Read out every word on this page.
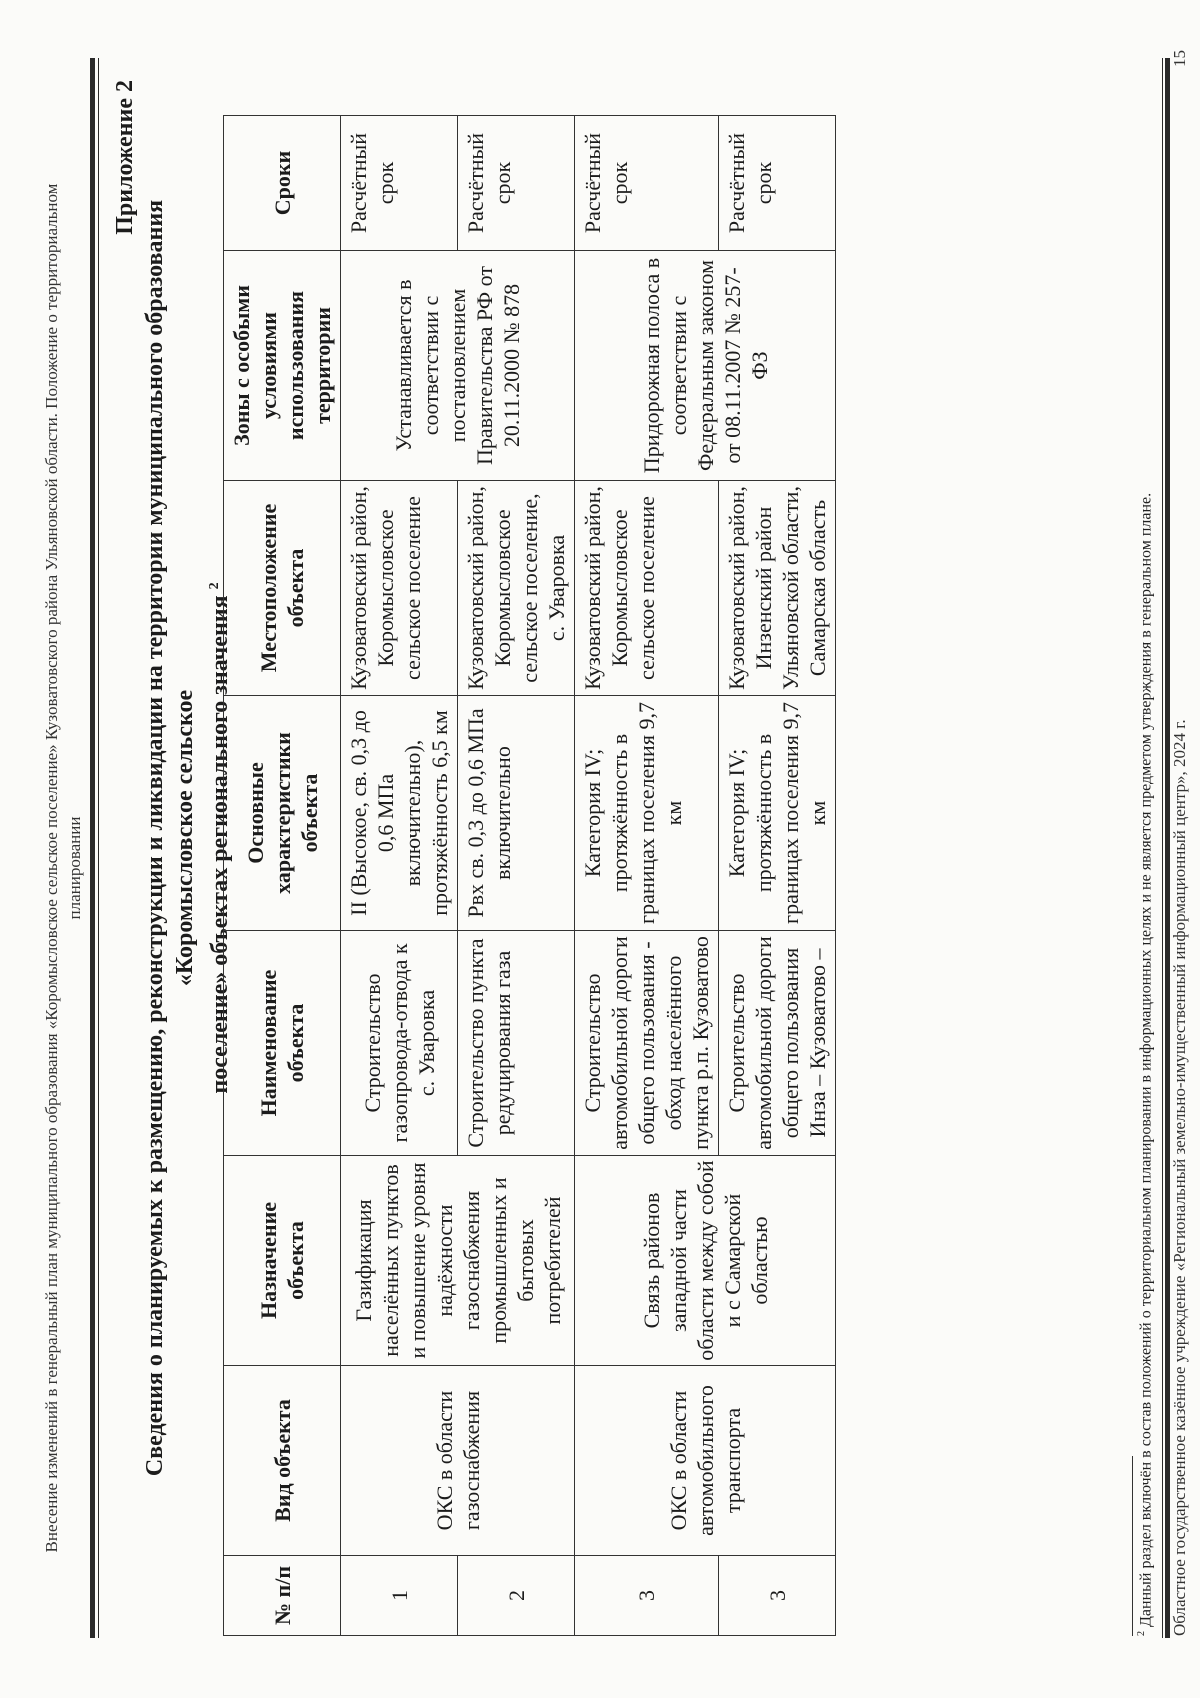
Внесение изменений в генеральный план муниципального образования «Коромысловское сельское поселение» Кузоватовского района Ульяновской области. Положение о территориальном планировании
Приложение 2
Сведения о планируемых к размещению, реконструкции и ликвидации на территории муниципального образования «Коромысловское сельское поселение» объектах регионального значения $^2$
№ п/п	Вид объекта	Назначение объекта	Наименование объекта	Основные характеристики объекта	Местоположение объекта	Зоны с особыми условиями использования территории	Сроки
1	ОКС в области газоснабжения	Газификация населённых пунктов и повышение уровня надёжности газоснабжения промышленных и бытовых потребителей	Строительство газопровода-отвода к с. Уваровка	II (Высокое, св. 0,3 до 0,6 МПа включительно), протяжённость 6,5 км	Кузоватовский район, Коромысловское сельское поселение	Устанавливается в соответствии с постановлением Правительства РФ от 20.11.2000 № 878	Расчётный срок
2			Строительство пункта редуцирования газа	Рвх св. 0,3 до 0,6 МПа включительно	Кузоватовский район, Коромысловское сельское поселение, с. Уваровка		Расчётный срок
3	ОКС в области автомобильного транспорта	Связь районов западной части области между собой и с Самарской областью	Строительство автомобильной дороги общего пользования - обход населённого пункта р.п. Кузоватово	Категория IV; протяжённость в границах поселения 9,7 км	Кузоватовский район, Коромысловское сельское поселение	Придорожная полоса в соответствии с Федеральным законом от 08.11.2007 № 257-ФЗ	Расчётный срок
3			Строительство автомобильной дороги общего пользования Инза – Кузоватово –	Категория IV; протяжённость в границах поселения 9,7 км	Кузоватовский район, Инзенский район Ульяновской области, Самарская область		Расчётный срок
$^2$ Данный раздел включён в состав положений о территориальном планировании в информационных целях и не является предметом утверждения в генеральном плане. Областное государственное казённое учреждение «Региональный земельно-имущественный информационный центр», 2024 г.
15
